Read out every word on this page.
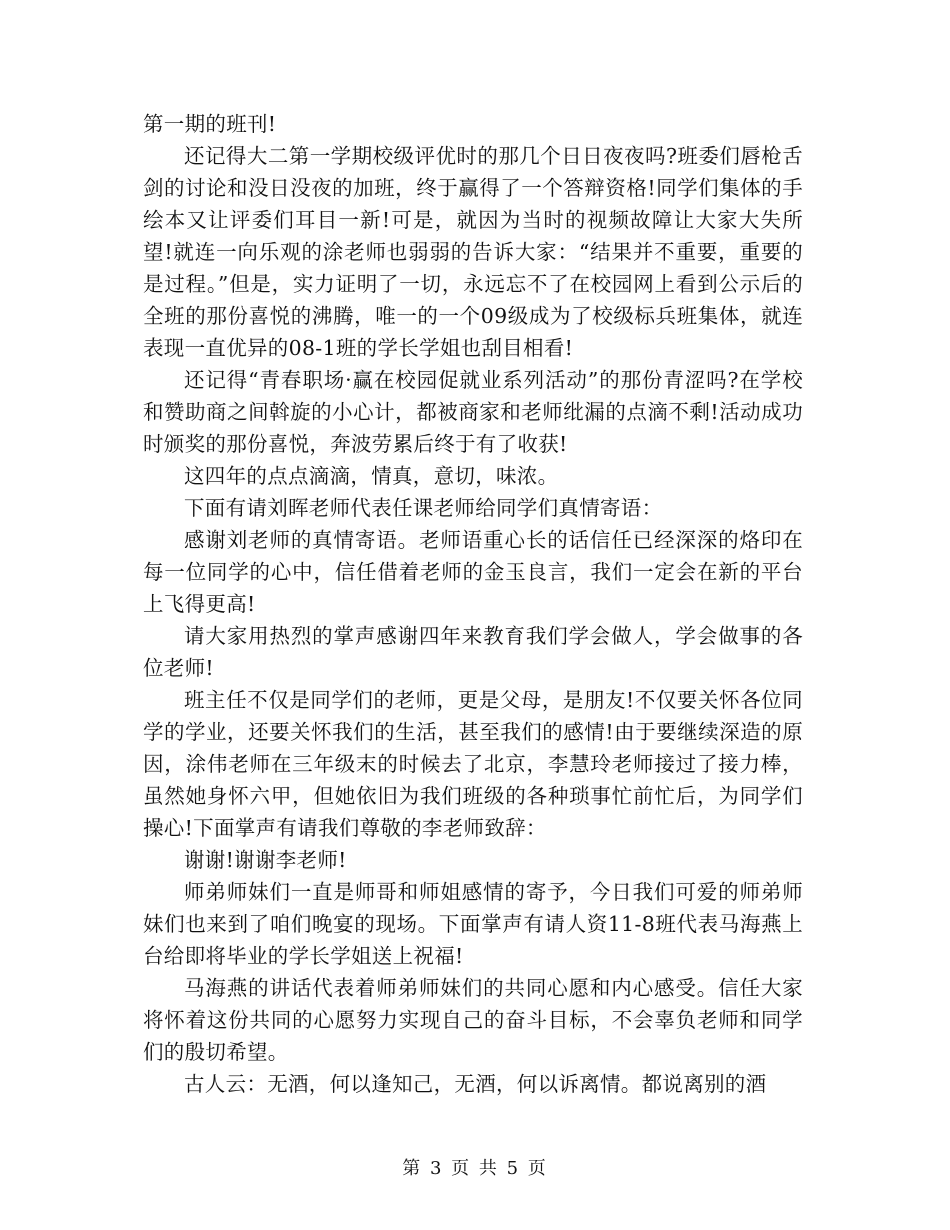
第一期的班刊!

还记得大二第一学期校级评优时的那几个日日夜夜吗?班委们唇枪舌剑的讨论和没日没夜的加班，终于赢得了一个答辩资格!同学们集体的手绘本又让评委们耳目一新!可是，就因为当时的视频故障让大家大失所望!就连一向乐观的涂老师也弱弱的告诉大家：“结果并不重要，重要的是过程。”但是，实力证明了一切，永远忘不了在校园网上看到公示后的全班的那份喜悦的沸腾，唯一的一个09级成为了校级标兵班集体，就连表现一直优异的08-1班的学长学姐也刮目相看!

还记得“青春职场·赢在校园促就业系列活动”的那份青涩吗?在学校和赞助商之间斡旋的小心计，都被商家和老师纰漏的点滴不剩!活动成功时颁奖的那份喜悦，奔波劳累后终于有了收获!

这四年的点点滴滴，情真，意切，味浓。

下面有请刘晖老师代表任课老师给同学们真情寄语：

感谢刘老师的真情寄语。老师语重心长的话信任已经深深的烙印在每一位同学的心中，信任借着老师的金玉良言，我们一定会在新的平台上飞得更高!

请大家用热烈的掌声感谢四年来教育我们学会做人，学会做事的各位老师!

班主任不仅是同学们的老师，更是父母，是朋友!不仅要关怀各位同学的学业，还要关怀我们的生活，甚至我们的感情!由于要继续深造的原因，涂伟老师在三年级末的时候去了北京，李慧玲老师接过了接力棒，虽然她身怀六甲，但她依旧为我们班级的各种琐事忙前忙后，为同学们操心!下面掌声有请我们尊敬的李老师致辞：

谢谢!谢谢李老师!

师弟师妹们一直是师哥和师姐感情的寄予，今日我们可爱的师弟师妹们也来到了咱们晚宴的现场。下面掌声有请人资11-8班代表马海燕上台给即将毕业的学长学姐送上祝福!

马海燕的讲话代表着师弟师妹们的共同心愿和内心感受。信任大家将怀着这份共同的心愿努力实现自己的奋斗目标，不会辜负老师和同学们的殷切希望。

古人云：无酒，何以逢知己，无酒，何以诉离情。都说离别的酒

第 3 页 共 5 页
